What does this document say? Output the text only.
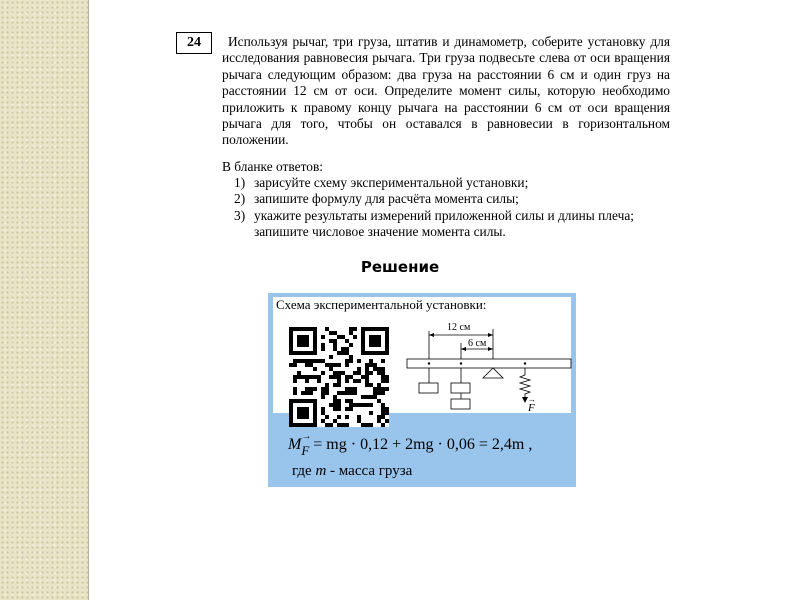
24	Используя рычаг, три груза, штатив и динамометр, соберите установку для исследования равновесия рычага. Три груза подвесьте слева от оси вращения рычага следующим образом: два груза на расстоянии 6 см и один груз на расстоянии 12 см от оси. Определите момент силы, которую необходимо приложить к правому концу рычага на расстоянии 6 см от оси вращения рычага для того, чтобы он оставался в равновесии в горизонтальном положении.
В бланке ответов:
1) зарисуйте схему экспериментальной установки;
2) запишите формулу для расчёта момента силы;
3) укажите результаты измерений приложенной силы и длины плеча; запишите числовое значение момента силы.
Решение
Схема экспериментальной установки:
12 см
6 см
F
→
M $_{\to F}$ = mg · 0,12 + 2mg · 0,06 = 2,4m ,
где m - масса груза
